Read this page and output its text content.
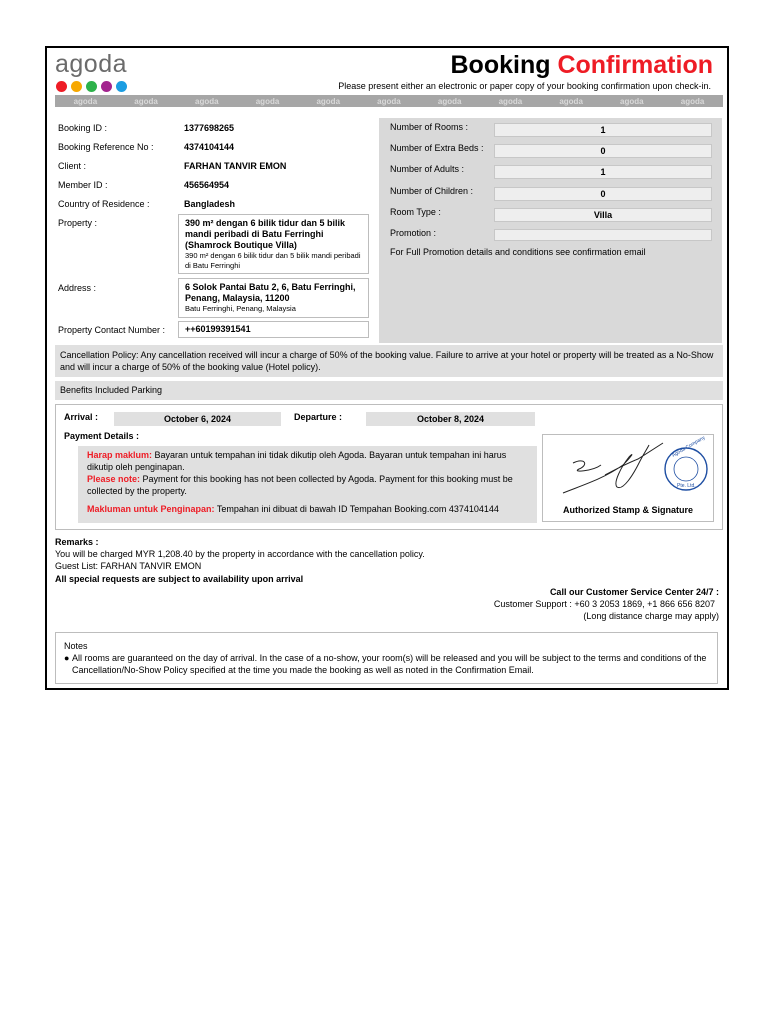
agoda	Booking Confirmation
Please present either an electronic or paper copy of your booking confirmation upon check-in.
agoda	agoda	agoda	agoda	agoda	agoda	agoda	agoda	agoda	agoda	agoda
Booking ID :	1377698265
Booking Reference No :	4374104144
Client :	FARHAN TANVIR EMON
Member ID :	456564954
Country of Residence :	Bangladesh
Property :	390 m² dengan 6 bilik tidur dan 5 bilik mandi peribadi di Batu Ferringhi (Shamrock Boutique Villa)
390 m² dengan 6 bilik tidur dan 5 bilik mandi peribadi di Batu Ferringhi
Address :	6 Solok Pantai Batu 2, 6, Batu Ferringhi, Penang, Malaysia, 11200
Batu Ferringhi, Penang, Malaysia
Property Contact Number :	++60199391541
Number of Rooms :	1
Number of Extra Beds :	0
Number of Adults :	1
Number of Children :	0
Room Type :	Villa
Promotion :
For Full Promotion details and conditions see confirmation email
Cancellation Policy: Any cancellation received will incur a charge of 50% of the booking value. Failure to arrive at your hotel or property will be treated as a No-Show and will incur a charge of 50% of the booking value (Hotel policy).
Benefits Included Parking
Arrival :	October 6, 2024	Departure :	October 8, 2024
Payment Details :
Harap maklum: Bayaran untuk tempahan ini tidak dikutip oleh Agoda. Bayaran untuk tempahan ini harus dikutip oleh penginapan.
Please note: Payment for this booking has not been collected by Agoda. Payment for this booking must be collected by the property.
Makluman untuk Penginapan: Tempahan ini dibuat di bawah ID Tempahan Booking.com 4374104144
Agoda Company
Pte. Ltd.
Authorized Stamp & Signature
Remarks :
You will be charged MYR 1,208.40 by the property in accordance with the cancellation policy.
Guest List: FARHAN TANVIR EMON
All special requests are subject to availability upon arrival
Call our Customer Service Center 24/7 :
Customer Support : +60 3 2053 1869, +1 866 656 8207
(Long distance charge may apply)
Notes
● All rooms are guaranteed on the day of arrival. In the case of a no-show, your room(s) will be released and you will be subject to the terms and conditions of the Cancellation/No-Show Policy specified at the time you made the booking as well as noted in the Confirmation Email.
